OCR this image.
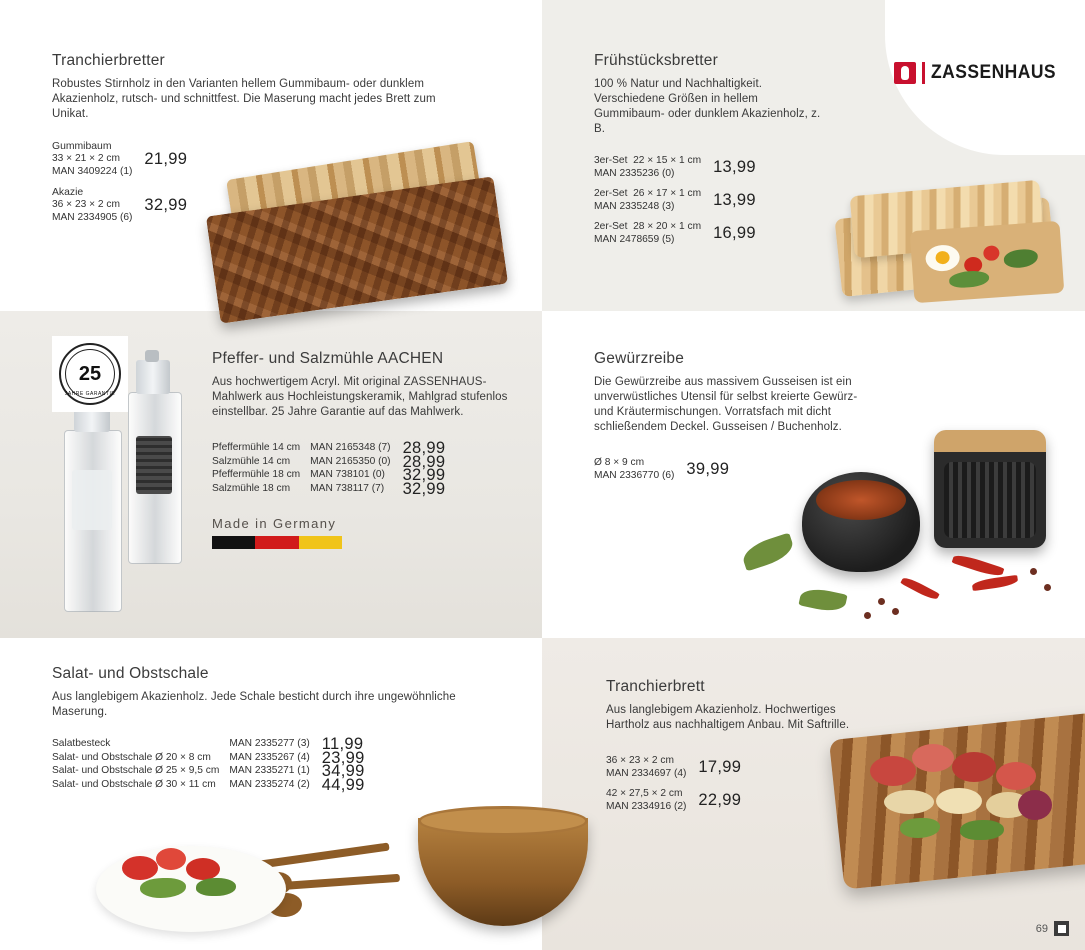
ZASSENHAUS
Tranchierbretter

Robustes Stirnholz in den Varianten hellem Gummibaum- oder dunklem Akazienholz, rutsch- und schnittfest. Die Maserung macht jedes Brett zum Unikat.

Gummibaum
33 × 21 × 2 cm
MAN 3409224 (1)	21,99

Akazie
36 × 23 × 2 cm
MAN 2334905 (6)	32,99
Frühstücksbretter

100 % Natur und Nachhaltigkeit. Verschiedene Größen in hellem Gummibaum- oder dunklem Akazienholz, z. B.

3er-Set 22 × 15 × 1 cm
MAN 2335236 (0)	13,99

2er-Set 26 × 17 × 1 cm
MAN 2335248 (3)	13,99

2er-Set 28 × 20 × 1 cm
MAN 2478659 (5)	16,99
25
JAHRE GARANTIE
Pfeffer- und Salzmühle AACHEN

Aus hochwertigem Acryl. Mit original ZASSENHAUS-Mahlwerk aus Hochleistungskeramik, Mahlgrad stufenlos einstellbar. 25 Jahre Garantie auf das Mahlwerk.

Pfeffermühle 14 cm	MAN 2165348 (7)	28,99
Salzmühle 14 cm	MAN 2165350 (0)	28,99
Pfeffermühle 18 cm	MAN 738101 (0)	32,99
Salzmühle 18 cm	MAN 738117 (7)	32,99
Made in Germany
Gewürzreibe

Die Gewürzreibe aus massivem Gusseisen ist ein unverwüstliches Utensil für selbst kreierte Gewürz- und Kräutermischungen. Vorratsfach mit dicht schließendem Deckel. Gusseisen / Buchenholz.

Ø 8 × 9 cm
MAN 2336770 (6)	39,99
Salat- und Obstschale

Aus langlebigem Akazienholz. Jede Schale besticht durch ihre ungewöhnliche Maserung.

Salatbesteck	MAN 2335277 (3)	11,99
Salat- und Obstschale Ø 20 × 8 cm	MAN 2335267 (4)	23,99
Salat- und Obstschale Ø 25 × 9,5 cm	MAN 2335271 (1)	34,99
Salat- und Obstschale Ø 30 × 11 cm	MAN 2335274 (2)	44,99
Tranchierbrett

Aus langlebigem Akazienholz. Hochwertiges Hartholz aus nachhaltigem Anbau. Mit Saftrille.

36 × 23 × 2 cm
MAN 2334697 (4)	17,99

42 × 27,5 × 2 cm
MAN 2334916 (2)	22,99
69
